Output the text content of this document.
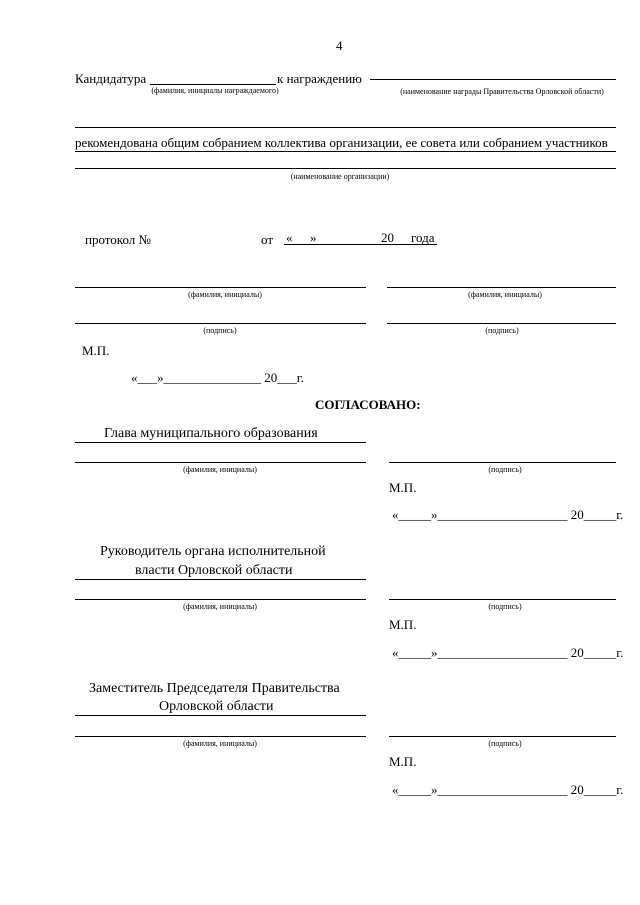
4
Кандидатура	к награждению
(фамилия, инициалы награждаемого)	(наименование награды Правительства Орловской области)
рекомендована общим собранием коллектива организации, ее совета или собранием участников
(наименование организации)
протокол №	от « »	20 года
(фамилия, инициалы)	(фамилия, инициалы)
(подпись)	(подпись)
М.П.
«___»_______________ 20___г.
СОГЛАСОВАНО:
Глава муниципального образования
(фамилия, инициалы)	(подпись)
М.П.
«_____»____________________ 20_____г.
Руководитель органа исполнительной
власти Орловской области
(фамилия, инициалы)	(подпись)
М.П.
«_____»____________________ 20_____г.
Заместитель Председателя Правительства
Орловской области
(фамилия, инициалы)	(подпись)
М.П.
«_____»____________________ 20_____г.
